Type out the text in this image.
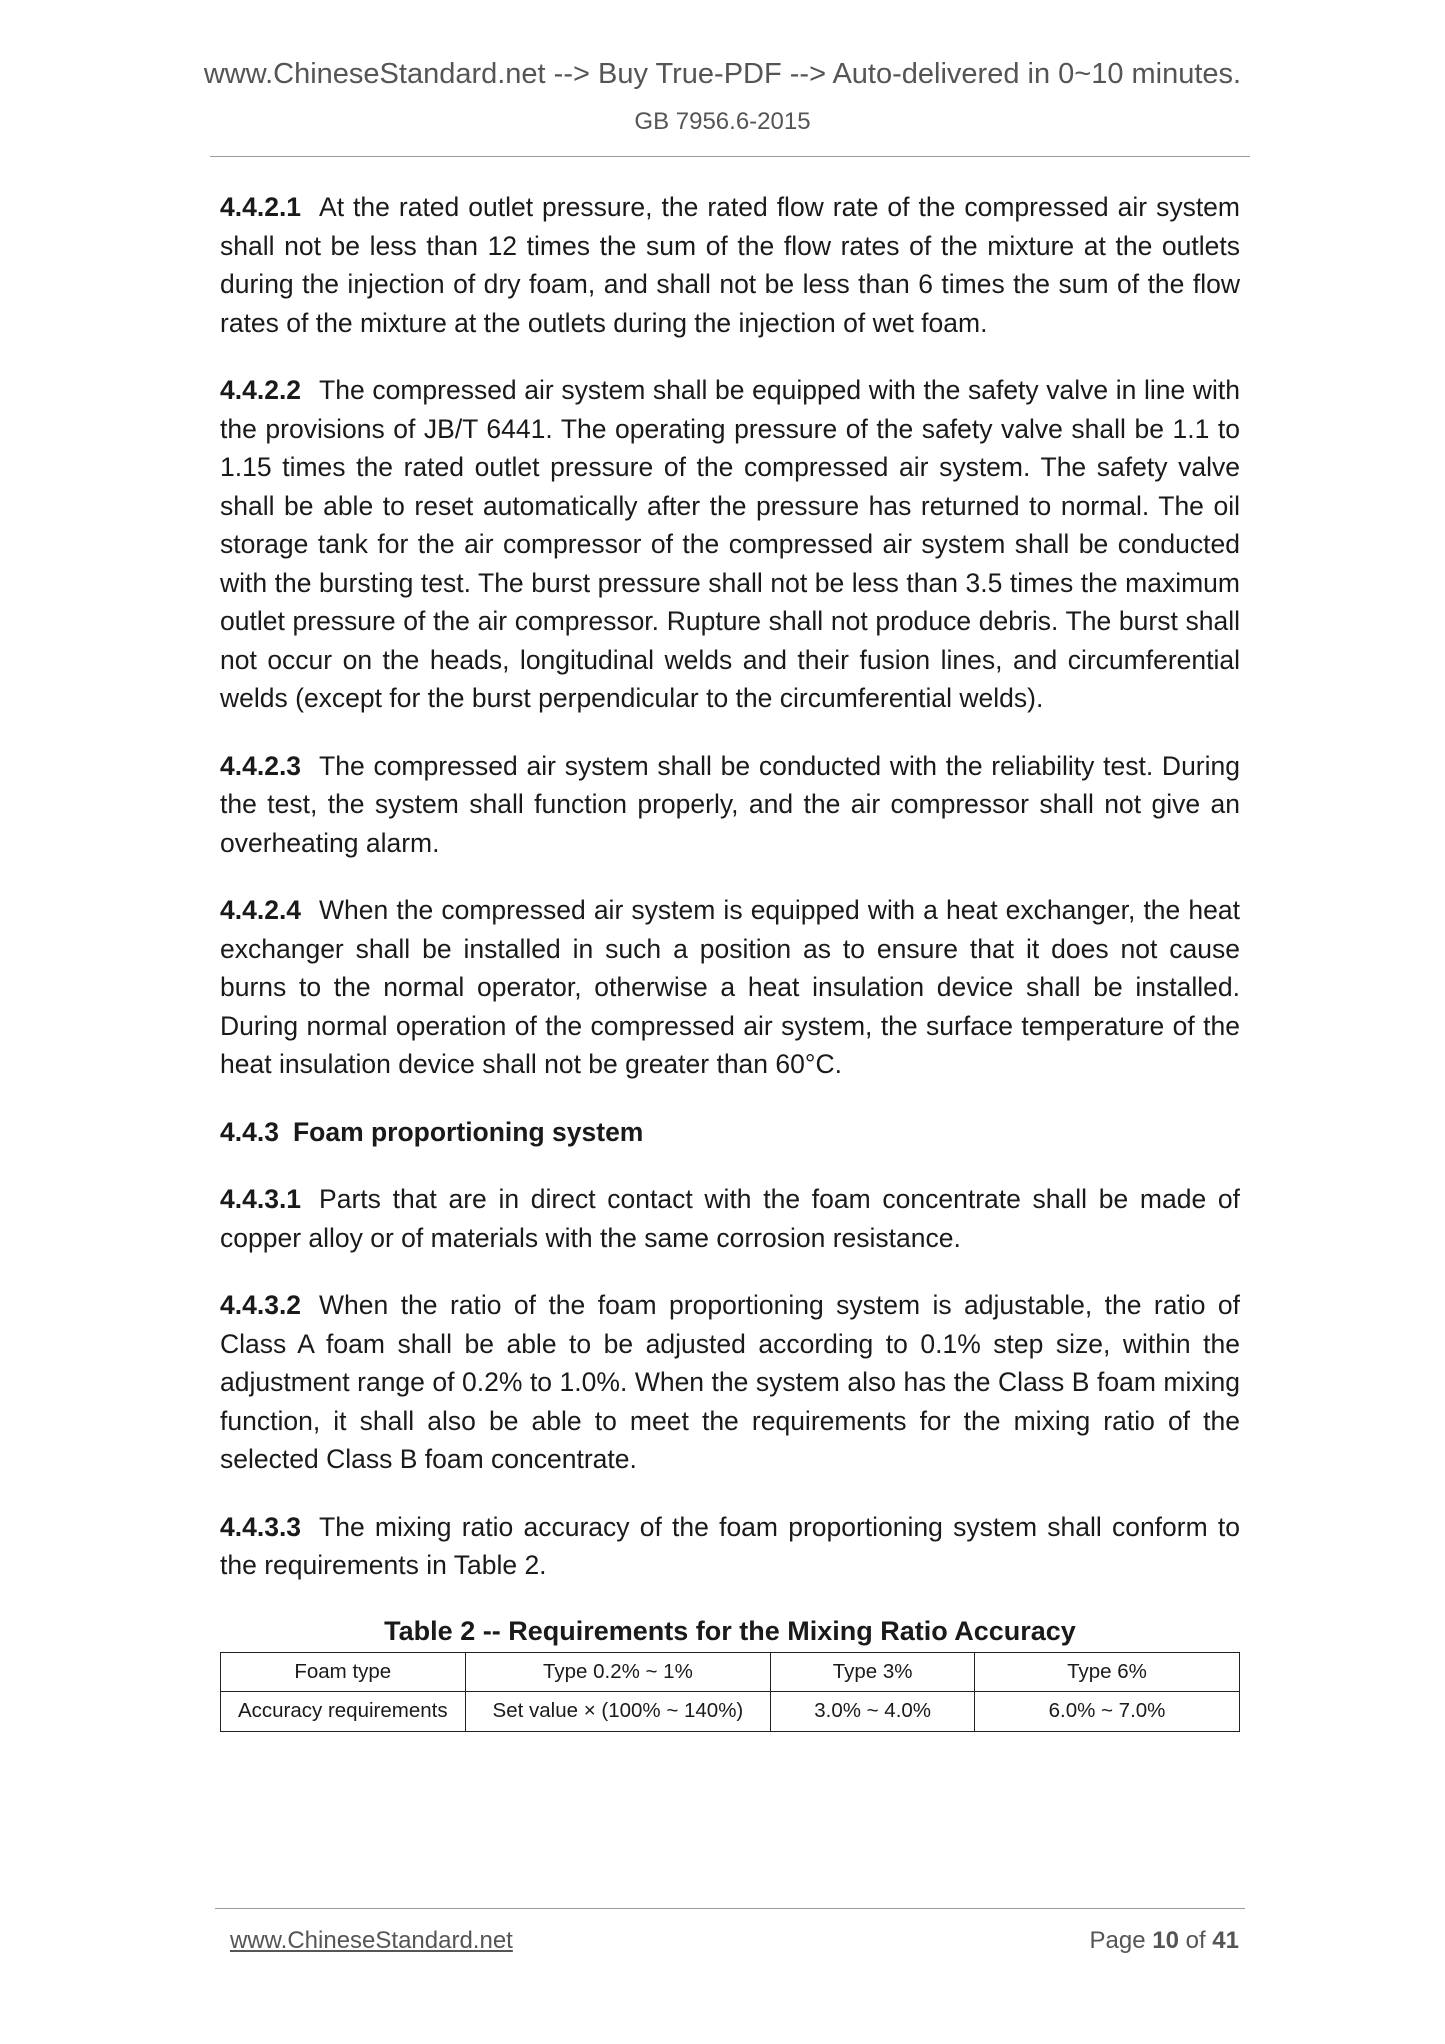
www.ChineseStandard.net --> Buy True-PDF --> Auto-delivered in 0~10 minutes.
GB 7956.6-2015

4.4.2.1 At the rated outlet pressure, the rated flow rate of the compressed air system shall not be less than 12 times the sum of the flow rates of the mixture at the outlets during the injection of dry foam, and shall not be less than 6 times the sum of the flow rates of the mixture at the outlets during the injection of wet foam.

4.4.2.2 The compressed air system shall be equipped with the safety valve in line with the provisions of JB/T 6441. The operating pressure of the safety valve shall be 1.1 to 1.15 times the rated outlet pressure of the compressed air system. The safety valve shall be able to reset automatically after the pressure has returned to normal. The oil storage tank for the air compressor of the compressed air system shall be conducted with the bursting test. The burst pressure shall not be less than 3.5 times the maximum outlet pressure of the air compressor. Rupture shall not produce debris. The burst shall not occur on the heads, longitudinal welds and their fusion lines, and circumferential welds (except for the burst perpendicular to the circumferential welds).

4.4.2.3 The compressed air system shall be conducted with the reliability test. During the test, the system shall function properly, and the air compressor shall not give an overheating alarm.

4.4.2.4 When the compressed air system is equipped with a heat exchanger, the heat exchanger shall be installed in such a position as to ensure that it does not cause burns to the normal operator, otherwise a heat insulation device shall be installed. During normal operation of the compressed air system, the surface temperature of the heat insulation device shall not be greater than 60°C.

4.4.3 Foam proportioning system

4.4.3.1 Parts that are in direct contact with the foam concentrate shall be made of copper alloy or of materials with the same corrosion resistance.

4.4.3.2 When the ratio of the foam proportioning system is adjustable, the ratio of Class A foam shall be able to be adjusted according to 0.1% step size, within the adjustment range of 0.2% to 1.0%. When the system also has the Class B foam mixing function, it shall also be able to meet the requirements for the mixing ratio of the selected Class B foam concentrate.

4.4.3.3 The mixing ratio accuracy of the foam proportioning system shall conform to the requirements in Table 2.

Table 2 -- Requirements for the Mixing Ratio Accuracy
Foam type	Type 0.2% ~ 1%	Type 3%	Type 6%
Accuracy requirements	Set value × (100% ~ 140%)	3.0% ~ 4.0%	6.0% ~ 7.0%
www.ChineseStandard.net	Page 10 of 41
